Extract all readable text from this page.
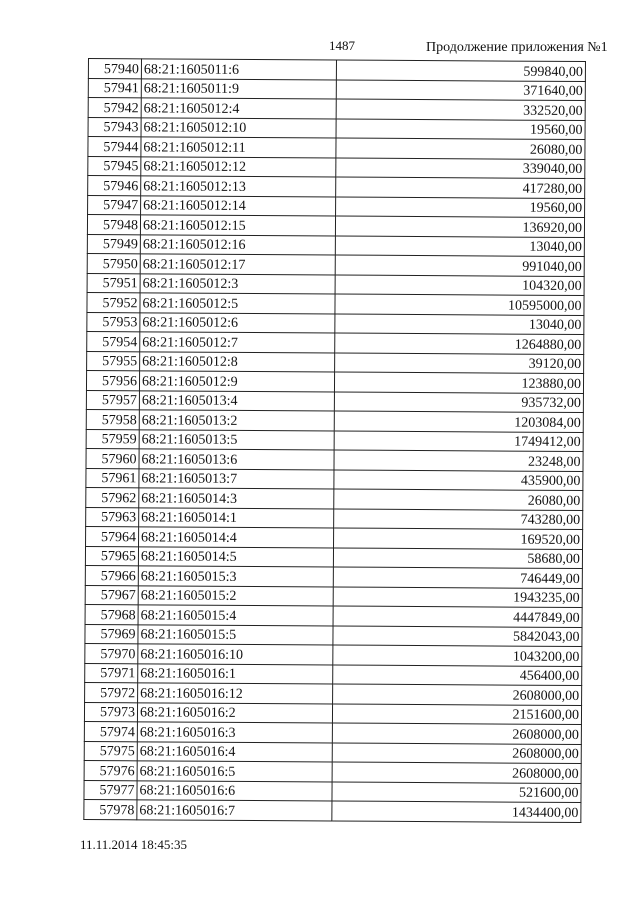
1487	Продолжение приложения №1
57940	68:21:1605011:6	599840,00
57941	68:21:1605011:9	371640,00
57942	68:21:1605012:4	332520,00
57943	68:21:1605012:10	19560,00
57944	68:21:1605012:11	26080,00
57945	68:21:1605012:12	339040,00
57946	68:21:1605012:13	417280,00
57947	68:21:1605012:14	19560,00
57948	68:21:1605012:15	136920,00
57949	68:21:1605012:16	13040,00
57950	68:21:1605012:17	991040,00
57951	68:21:1605012:3	104320,00
57952	68:21:1605012:5	10595000,00
57953	68:21:1605012:6	13040,00
57954	68:21:1605012:7	1264880,00
57955	68:21:1605012:8	39120,00
57956	68:21:1605012:9	123880,00
57957	68:21:1605013:4	935732,00
57958	68:21:1605013:2	1203084,00
57959	68:21:1605013:5	1749412,00
57960	68:21:1605013:6	23248,00
57961	68:21:1605013:7	435900,00
57962	68:21:1605014:3	26080,00
57963	68:21:1605014:1	743280,00
57964	68:21:1605014:4	169520,00
57965	68:21:1605014:5	58680,00
57966	68:21:1605015:3	746449,00
57967	68:21:1605015:2	1943235,00
57968	68:21:1605015:4	4447849,00
57969	68:21:1605015:5	5842043,00
57970	68:21:1605016:10	1043200,00
57971	68:21:1605016:1	456400,00
57972	68:21:1605016:12	2608000,00
57973	68:21:1605016:2	2151600,00
57974	68:21:1605016:3	2608000,00
57975	68:21:1605016:4	2608000,00
57976	68:21:1605016:5	2608000,00
57977	68:21:1605016:6	521600,00
57978	68:21:1605016:7	1434400,00
11.11.2014 18:45:35
